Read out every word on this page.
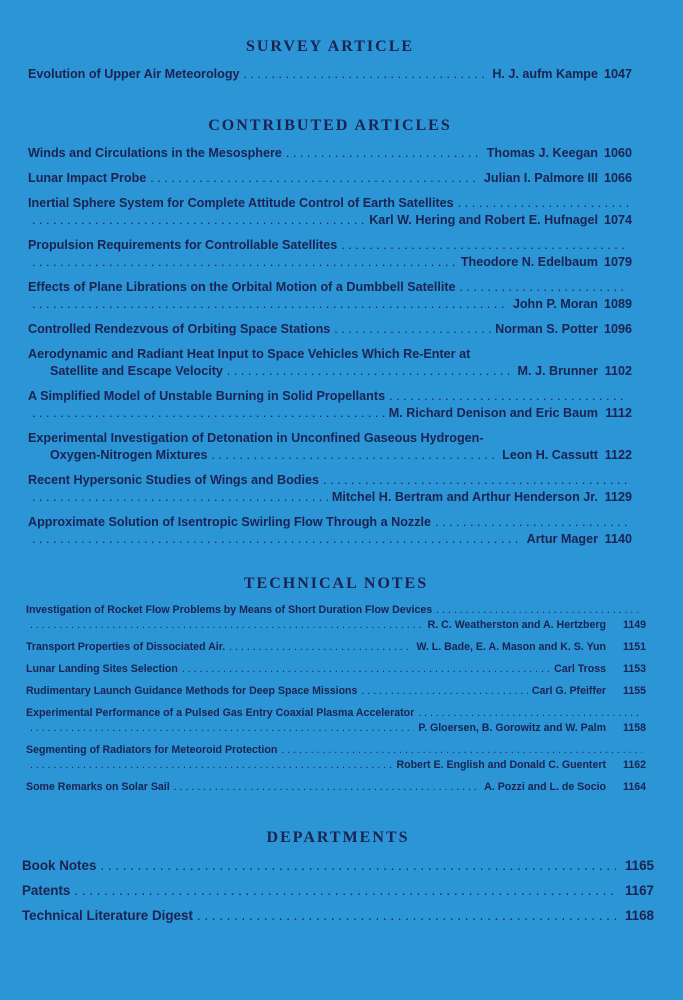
SURVEY ARTICLE
Evolution of Upper Air Meteorology . . .	H. J. aufm Kampe 1047
CONTRIBUTED ARTICLES
Winds and Circulations in the Mesosphere . . .	Thomas J. Keegan 1060
Lunar Impact Probe . . .	Julian I. Palmore III 1066
Inertial Sphere System for Complete Attitude Control of Earth Satellites
. . .
. . .
Karl W. Hering and Robert E. Hufnagel 1074
Propulsion Requirements for Controllable Satellites
. . .
. . .
Theodore N. Edelbaum 1079
Effects of Plane Librations on the Orbital Motion of a Dumbbell Satellite
. . .
. . .
John P. Moran 1089
Controlled Rendezvous of Orbiting Space Stations . . .	Norman S. Potter 1096
Aerodynamic and Radiant Heat Input to Space Vehicles Which Re-Enter at
Satellite and Escape Velocity . . .	M. J. Brunner 1102
A Simplified Model of Unstable Burning in Solid Propellants
. . .
. . .
M. Richard Denison and Eric Baum 1112
Experimental Investigation of Detonation in Unconfined Gaseous Hydrogen-
Oxygen-Nitrogen Mixtures . . .	Leon H. Cassutt 1122
Recent Hypersonic Studies of Wings and Bodies
. . .
. . .
Mitchel H. Bertram and Arthur Henderson Jr. 1129
Approximate Solution of Isentropic Swirling Flow Through a Nozzle
. . .
. . .
Artur Mager 1140
TECHNICAL NOTES
Investigation of Rocket Flow Problems by Means of Short Duration Flow Devices
. . .
. . .
R. C. Weatherston and A. Hertzberg	1149
Transport Properties of Dissociated Air. . . .	W. L. Bade, E. A. Mason and K. S. Yun	1151
Lunar Landing Sites Selection . . .	Carl Tross	1153
Rudimentary Launch Guidance Methods for Deep Space Missions . . .	Carl G. Pfeiffer	1155
Experimental Performance of a Pulsed Gas Entry Coaxial Plasma Accelerator
. . .
. . .
P. Gloersen, B. Gorowitz and W. Palm	1158
Segmenting of Radiators for Meteoroid Protection
. . .
. . .
Robert E. English and Donald C. Guentert	1162
Some Remarks on Solar Sail . . .	A. Pozzi and L. de Socio	1164
DEPARTMENTS
Book Notes . . .	1165
Patents . . .	1167
Technical Literature Digest . . .	1168
